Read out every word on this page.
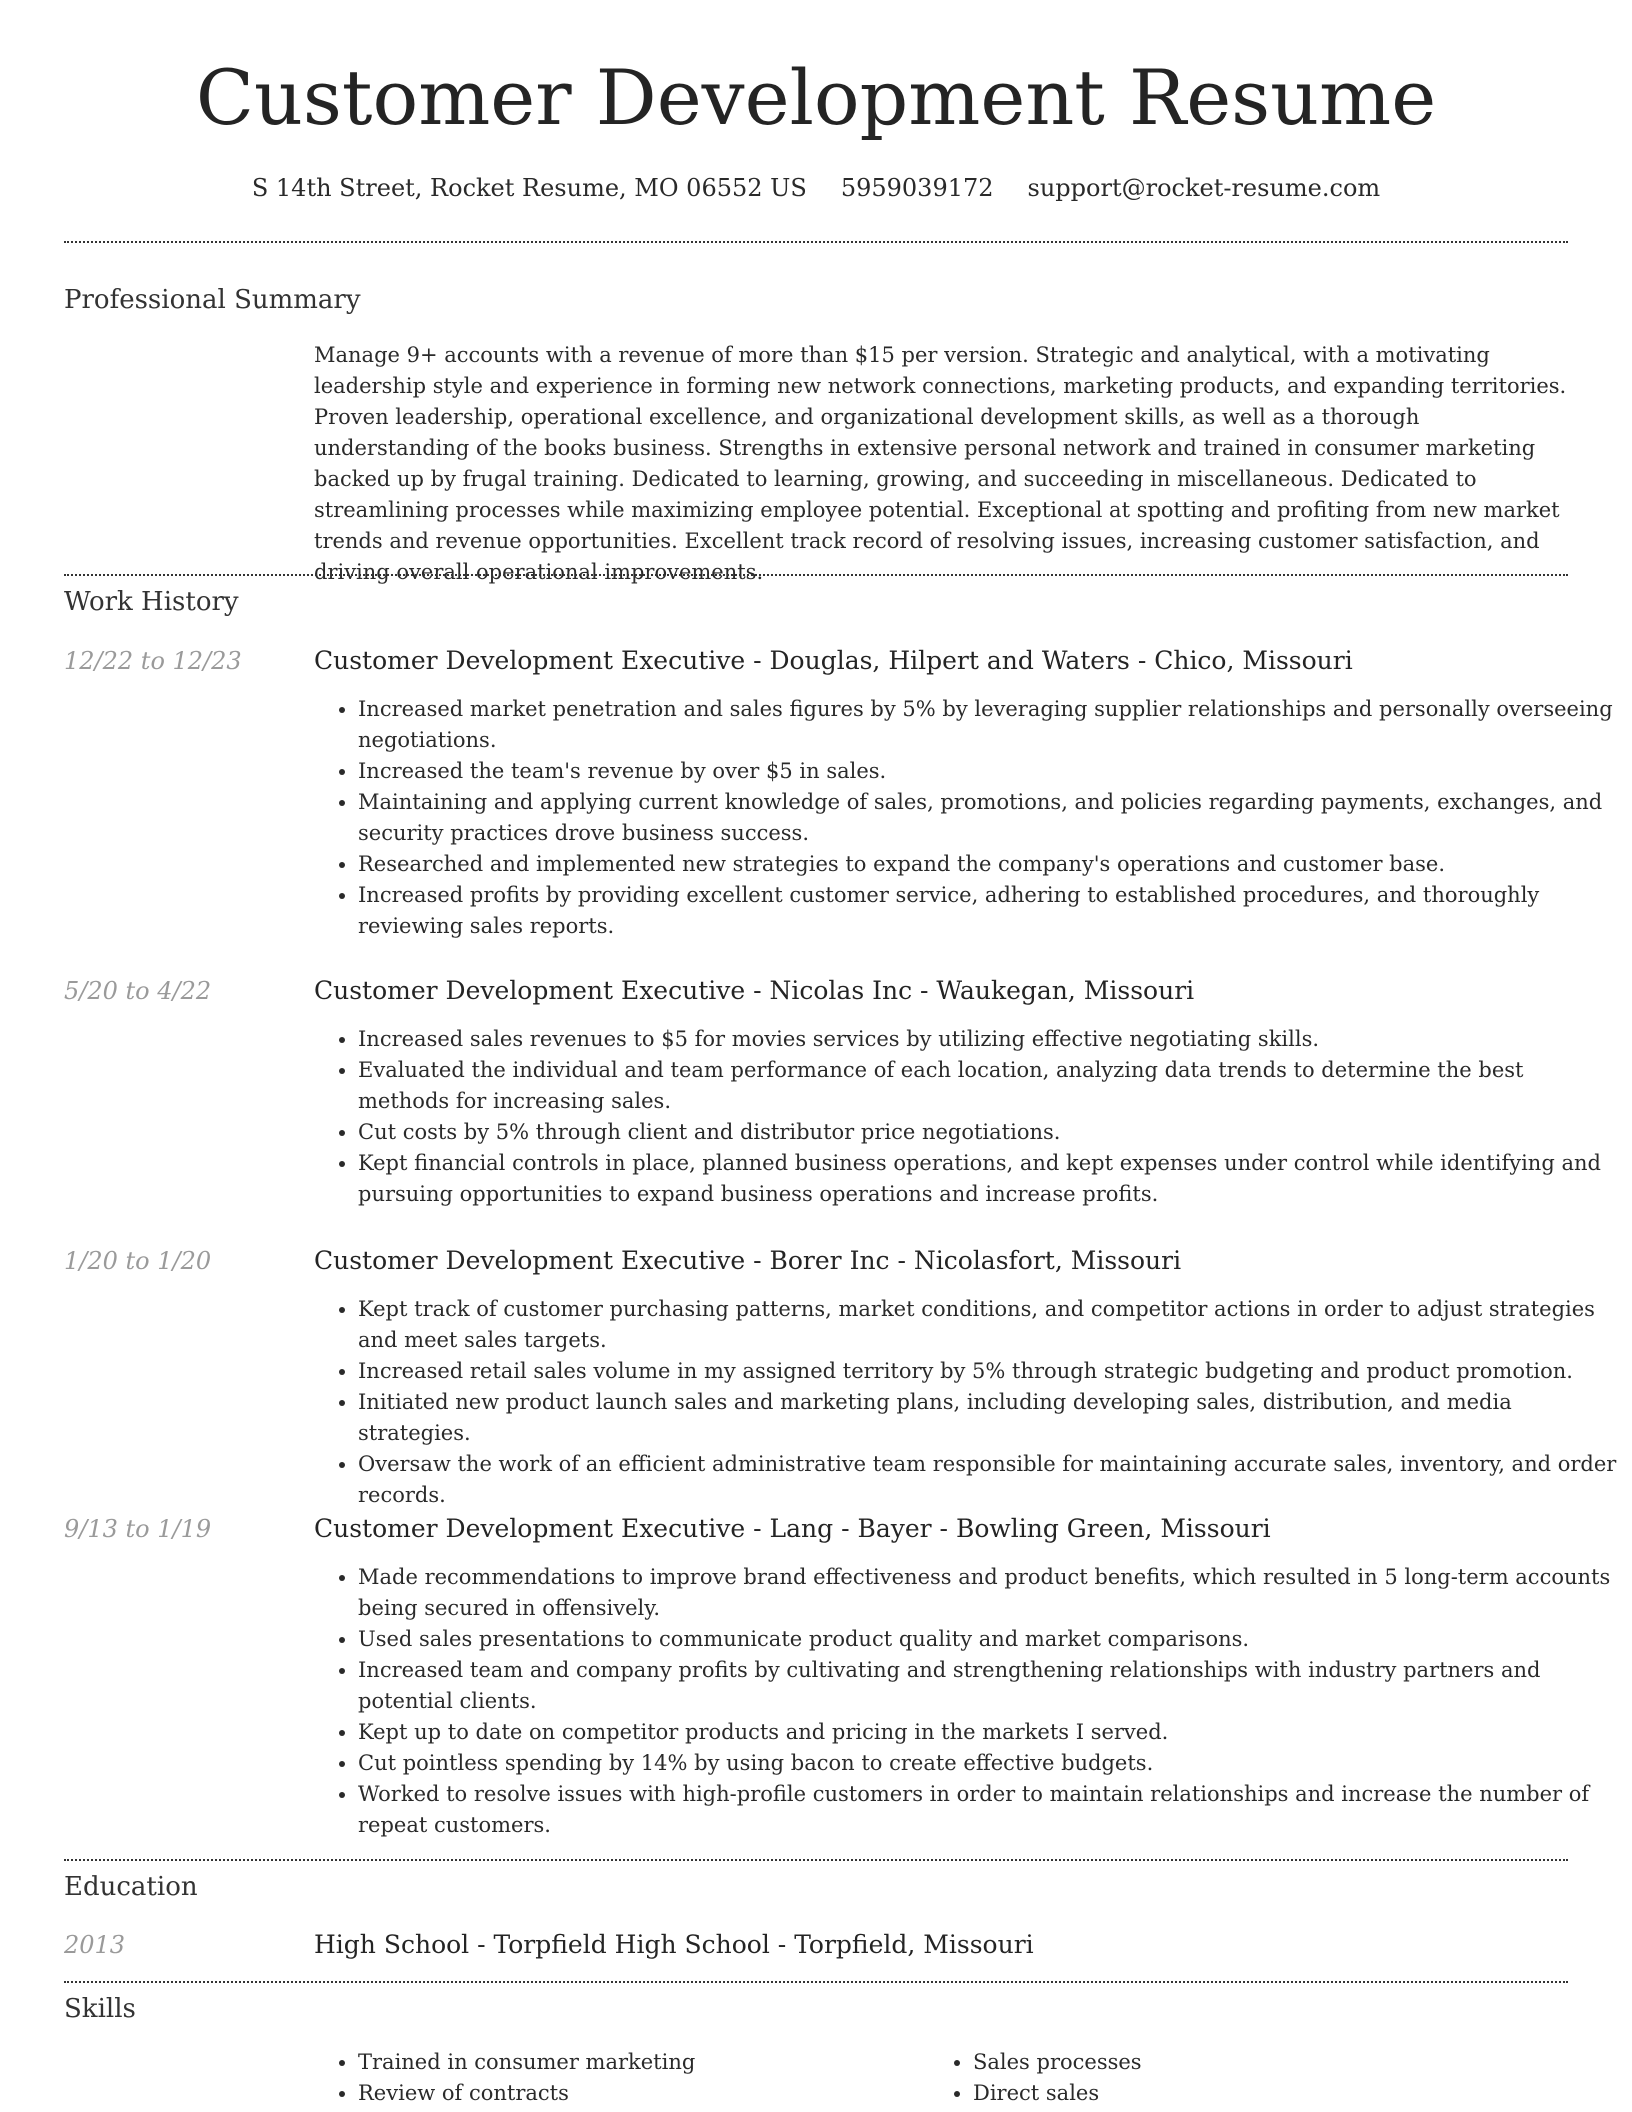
Customer Development Resume
S 14th Street, Rocket Resume, MO 06552 US 5959039172 support@rocket-resume.com
Professional Summary
Manage 9+ accounts with a revenue of more than $15 per version. Strategic and analytical, with a motivating leadership style and experience in forming new network connections, marketing products, and expanding territories. Proven leadership, operational excellence, and organizational development skills, as well as a thorough understanding of the books business. Strengths in extensive personal network and trained in consumer marketing backed up by frugal training. Dedicated to learning, growing, and succeeding in miscellaneous. Dedicated to streamlining processes while maximizing employee potential. Exceptional at spotting and profiting from new market trends and revenue opportunities. Excellent track record of resolving issues, increasing customer satisfaction, and driving overall operational improvements.
Work History
12/22 to 12/23	Customer Development Executive - Douglas, Hilpert and Waters - Chico, Missouri
• Increased market penetration and sales figures by 5% by leveraging supplier relationships and personally overseeing negotiations.
• Increased the team's revenue by over $5 in sales.
• Maintaining and applying current knowledge of sales, promotions, and policies regarding payments, exchanges, and security practices drove business success.
• Researched and implemented new strategies to expand the company's operations and customer base.
• Increased profits by providing excellent customer service, adhering to established procedures, and thoroughly reviewing sales reports.
5/20 to 4/22	Customer Development Executive - Nicolas Inc - Waukegan, Missouri
• Increased sales revenues to $5 for movies services by utilizing effective negotiating skills.
• Evaluated the individual and team performance of each location, analyzing data trends to determine the best methods for increasing sales.
• Cut costs by 5% through client and distributor price negotiations.
• Kept financial controls in place, planned business operations, and kept expenses under control while identifying and pursuing opportunities to expand business operations and increase profits.
1/20 to 1/20	Customer Development Executive - Borer Inc - Nicolasfort, Missouri
• Kept track of customer purchasing patterns, market conditions, and competitor actions in order to adjust strategies and meet sales targets.
• Increased retail sales volume in my assigned territory by 5% through strategic budgeting and product promotion.
• Initiated new product launch sales and marketing plans, including developing sales, distribution, and media strategies.
• Oversaw the work of an efficient administrative team responsible for maintaining accurate sales, inventory, and order records.
9/13 to 1/19	Customer Development Executive - Lang - Bayer - Bowling Green, Missouri
• Made recommendations to improve brand effectiveness and product benefits, which resulted in 5 long-term accounts being secured in offensively.
• Used sales presentations to communicate product quality and market comparisons.
• Increased team and company profits by cultivating and strengthening relationships with industry partners and potential clients.
• Kept up to date on competitor products and pricing in the markets I served.
• Cut pointless spending by 14% by using bacon to create effective budgets.
• Worked to resolve issues with high-profile customers in order to maintain relationships and increase the number of repeat customers.
Education
2013	High School - Torpfield High School - Torpfield, Missouri
Skills
• Trained in consumer marketing
• Review of contracts
• Sales processes
• Direct sales
